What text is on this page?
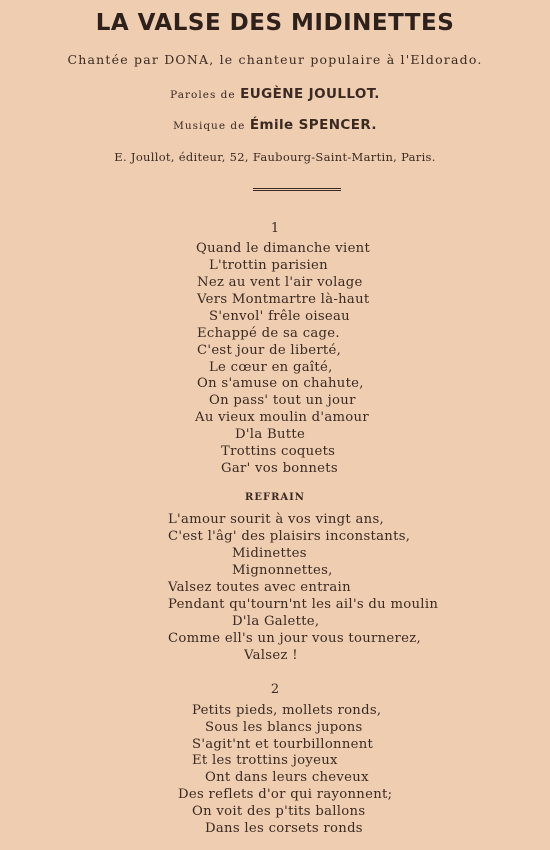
LA VALSE DES MIDINETTES
Chantée par DONA, le chanteur populaire à l'Eldorado.
Paroles de EUGÈNE JOULLOT.
Musique de Émile SPENCER.
E. Joullot, éditeur, 52, Faubourg-Saint-Martin, Paris.
1
Quand le dimanche vient
L'trottin parisien
Nez au vent l'air volage
Vers Montmartre là-haut
S'envol' frêle oiseau
Echappé de sa cage.
C'est jour de liberté,
Le cœur en gaîté,
On s'amuse on chahute,
On pass' tout un jour
Au vieux moulin d'amour
D'la Butte
Trottins coquets
Gar' vos bonnets
REFRAIN
L'amour sourit à vos vingt ans,
C'est l'âg' des plaisirs inconstants,
Midinettes
Mignonnettes,
Valsez toutes avec entrain
Pendant qu'tourn'nt les ail's du moulin
D'la Galette,
Comme ell's un jour vous tournerez,
Valsez !
2
Petits pieds, mollets ronds,
Sous les blancs jupons
S'agit'nt et tourbillonnent
Et les trottins joyeux
Ont dans leurs cheveux
Des reflets d'or qui rayonnent;
On voit des p'tits ballons
Dans les corsets ronds
